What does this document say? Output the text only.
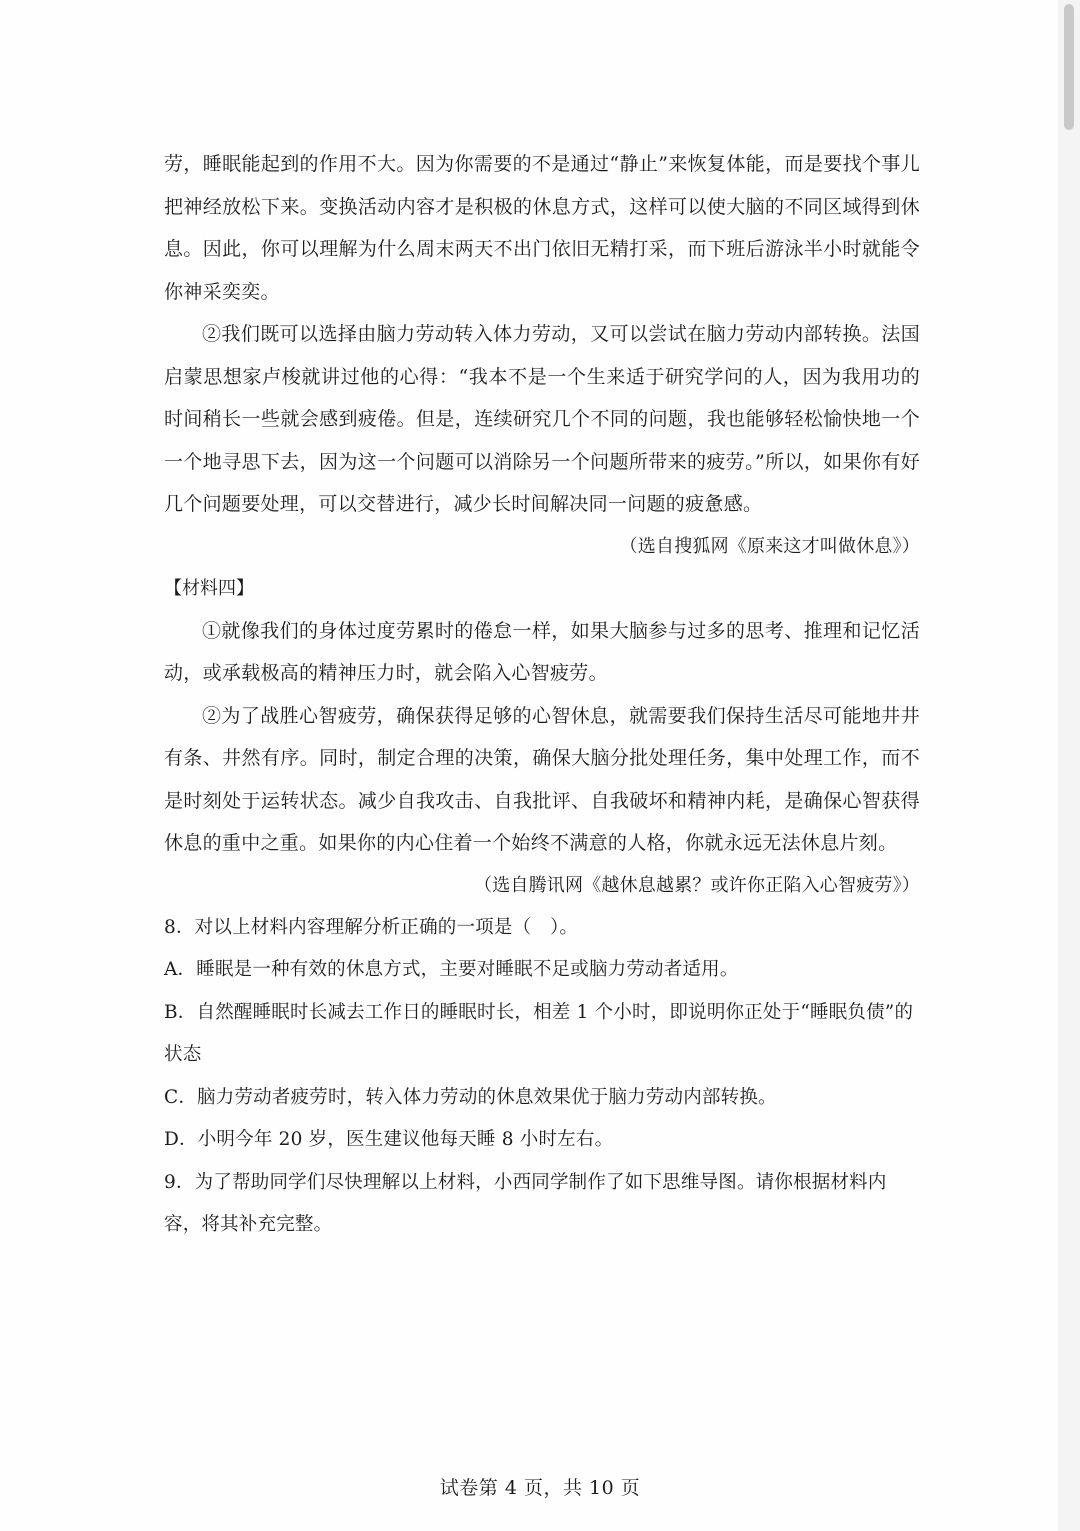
劳，睡眠能起到的作用不大。因为你需要的不是通过“静止”来恢复体能，而是要找个事儿把神经放松下来。变换活动内容才是积极的休息方式，这样可以使大脑的不同区域得到休息。因此，你可以理解为什么周末两天不出门依旧无精打采，而下班后游泳半小时就能令你神采奕奕。

②我们既可以选择由脑力劳动转入体力劳动，又可以尝试在脑力劳动内部转换。法国启蒙思想家卢梭就讲过他的心得：“我本不是一个生来适于研究学问的人，因为我用功的时间稍长一些就会感到疲倦。但是，连续研究几个不同的问题，我也能够轻松愉快地一个一个地寻思下去，因为这一个问题可以消除另一个问题所带来的疲劳。”所以，如果你有好几个问题要处理，可以交替进行，减少长时间解决同一问题的疲惫感。

（选自搜狐网《原来这才叫做休息》）

【材料四】

①就像我们的身体过度劳累时的倦怠一样，如果大脑参与过多的思考、推理和记忆活动，或承载极高的精神压力时，就会陷入心智疲劳。

②为了战胜心智疲劳，确保获得足够的心智休息，就需要我们保持生活尽可能地井井有条、井然有序。同时，制定合理的决策，确保大脑分批处理任务，集中处理工作，而不是时刻处于运转状态。减少自我攻击、自我批评、自我破坏和精神内耗，是确保心智获得休息的重中之重。如果你的内心住着一个始终不满意的人格，你就永远无法休息片刻。

（选自腾讯网《越休息越累？或许你正陷入心智疲劳》）

8．对以上材料内容理解分析正确的一项是（　）。

A．睡眠是一种有效的休息方式，主要对睡眠不足或脑力劳动者适用。

B．自然醒睡眠时长减去工作日的睡眠时长，相差 1 个小时，即说明你正处于“睡眠负债”的状态

C．脑力劳动者疲劳时，转入体力劳动的休息效果优于脑力劳动内部转换。

D．小明今年 20 岁，医生建议他每天睡 8 小时左右。

9．为了帮助同学们尽快理解以上材料，小西同学制作了如下思维导图。请你根据材料内容，将其补充完整。

试卷第 4 页，共 10 页
